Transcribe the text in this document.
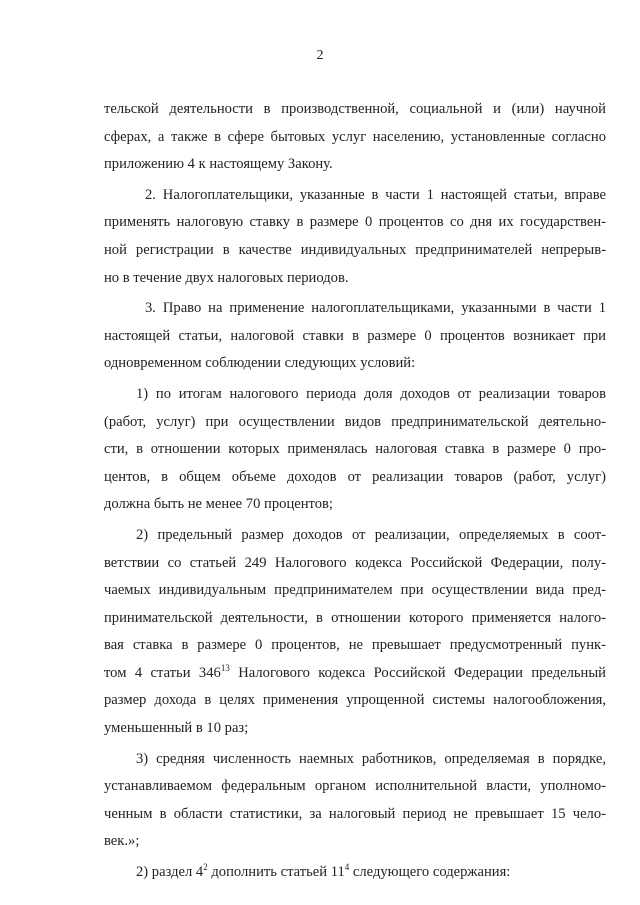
2

тельской деятельности в производственной, социальной и (или) научной
сферах, а также в сфере бытовых услуг населению, установленные согласно
приложению 4 к настоящему Закону.

2. Налогоплательщики, указанные в части 1 настоящей статьи, вправе
применять налоговую ставку в размере 0 процентов со дня их государствен-
ной регистрации в качестве индивидуальных предпринимателей непрерыв-
но в течение двух налоговых периодов.

3. Право на применение налогоплательщиками, указанными в части 1
настоящей статьи, налоговой ставки в размере 0 процентов возникает при
одновременном соблюдении следующих условий:

1) по итогам налогового периода доля доходов от реализации товаров
(работ, услуг) при осуществлении видов предпринимательской деятельно-
сти, в отношении которых применялась налоговая ставка в размере 0 про-
центов, в общем объеме доходов от реализации товаров (работ, услуг)
должна быть не менее 70 процентов;

2) предельный размер доходов от реализации, определяемых в соот-
ветствии со статьей 249 Налогового кодекса Российской Федерации, полу-
чаемых индивидуальным предпринимателем при осуществлении вида пред-
принимательской деятельности, в отношении которого применяется налого-
вая ставка в размере 0 процентов, не превышает предусмотренный пунк-
том 4 статьи $346^{13}$ Налогового кодекса Российской Федерации предельный
размер дохода в целях применения упрощенной системы налогообложения,
уменьшенный в 10 раз;

3) средняя численность наемных работников, определяемая в порядке,
устанавливаемом федеральным органом исполнительной власти, уполномо-
ченным в области статистики, за налоговый период не превышает 15 чело-
век.»;

2) раздел $4^2$ дополнить статьей $11^4$ следующего содержания:
